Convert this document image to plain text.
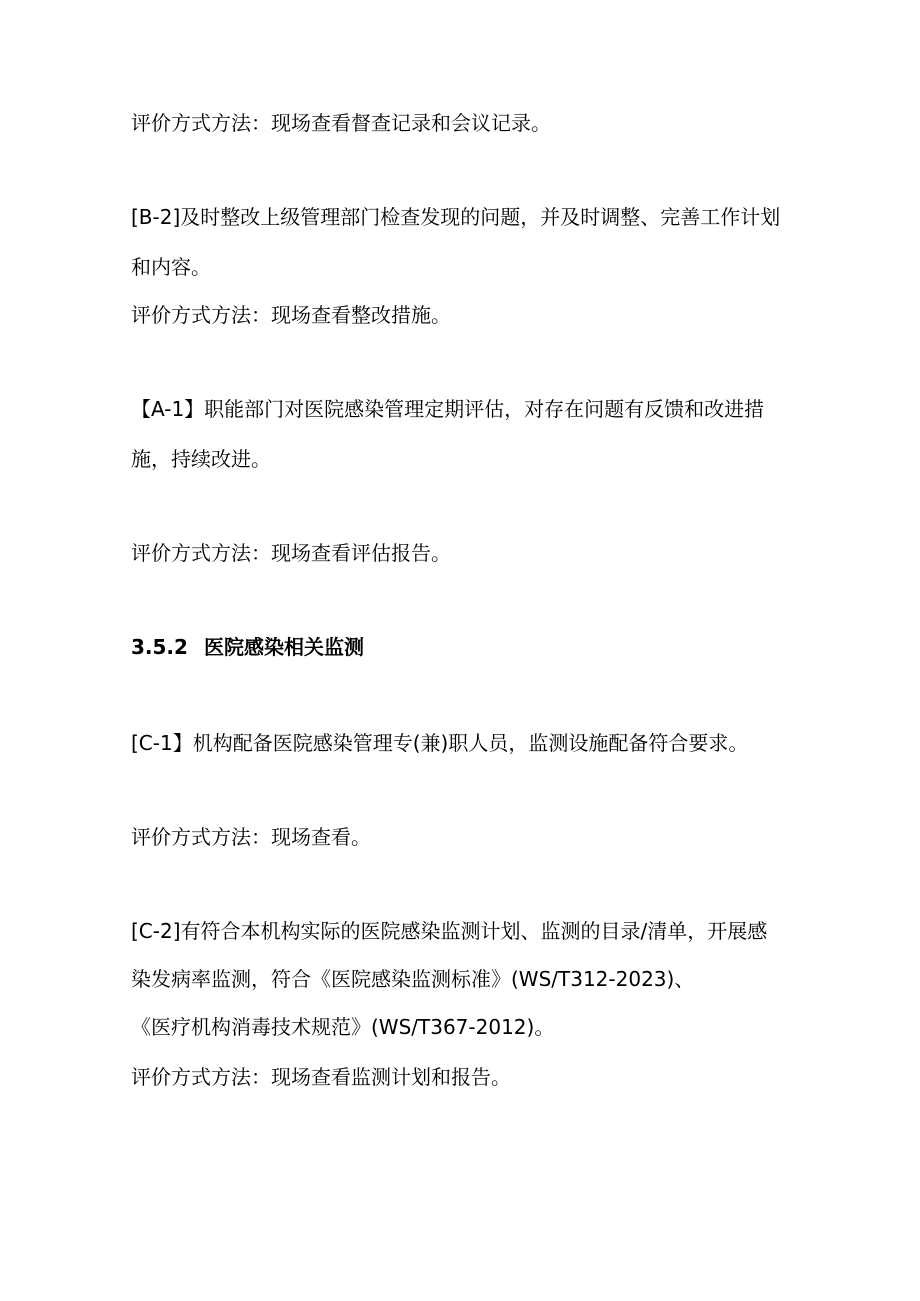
评价方式方法：现场查看督查记录和会议记录。

[B-2]及时整改上级管理部门检查发现的问题，并及时调整、完善工作计划

和内容。

评价方式方法：现场查看整改措施。

【A-1】职能部门对医院感染管理定期评估，对存在问题有反馈和改进措

施，持续改进。

评价方式方法：现场查看评估报告。

3.5.2 医院感染相关监测

[C-1】机构配备医院感染管理专(兼)职人员，监测设施配备符合要求。

评价方式方法：现场查看。

[C-2]有符合本机构实际的医院感染监测计划、监测的目录/清单，开展感

染发病率监测，符合《医院感染监测标准》(WS/T312-2023)、

《医疗机构消毒技术规范》(WS/T367-2012)。

评价方式方法：现场查看监测计划和报告。
